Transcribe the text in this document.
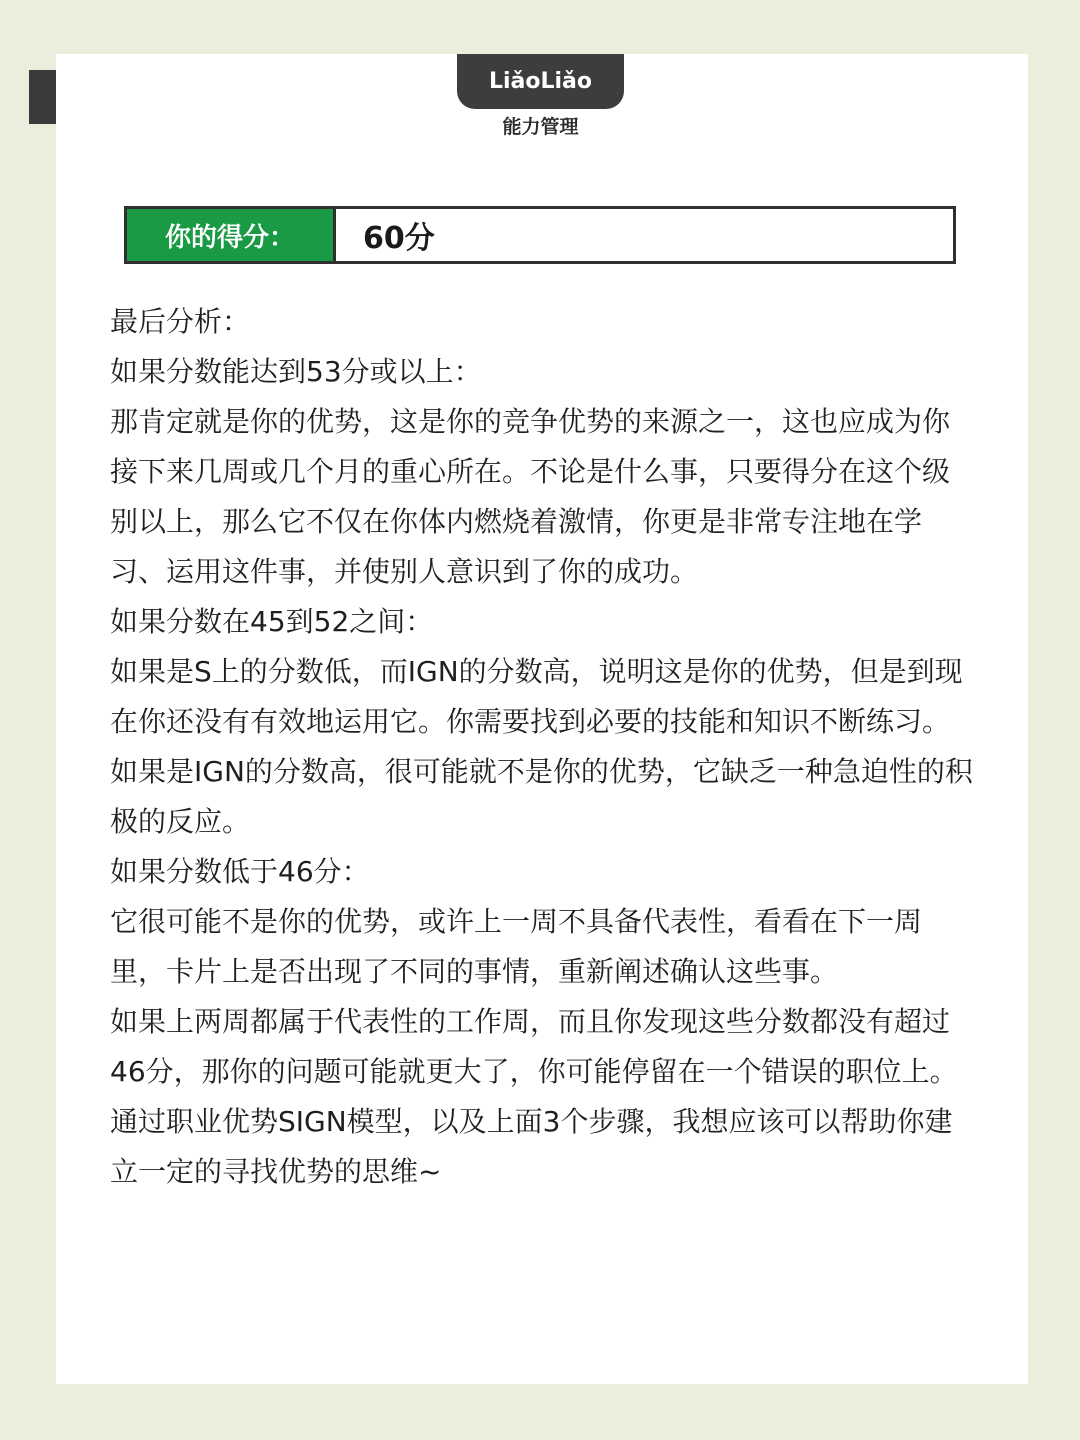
LiǎoLiǎo
能力管理
你的得分：	60分

最后分析：

如果分数能达到53分或以上：

那肯定就是你的优势，这是你的竞争优势的来源之一，这也应成为你接下来几周或几个月的重心所在。不论是什么事，只要得分在这个级别以上，那么它不仅在你体内燃烧着激情，你更是非常专注地在学习、运用这件事，并使别人意识到了你的成功。

如果分数在45到52之间：

如果是S上的分数低，而IGN的分数高，说明这是你的优势，但是到现在你还没有有效地运用它。你需要找到必要的技能和知识不断练习。

如果是IGN的分数高，很可能就不是你的优势，它缺乏一种急迫性的积极的反应。

如果分数低于46分：

它很可能不是你的优势，或许上一周不具备代表性，看看在下一周里，卡片上是否出现了不同的事情，重新阐述确认这些事。

如果上两周都属于代表性的工作周，而且你发现这些分数都没有超过46分，那你的问题可能就更大了，你可能停留在一个错误的职位上。

通过职业优势SIGN模型，以及上面3个步骤，我想应该可以帮助你建立一定的寻找优势的思维~
